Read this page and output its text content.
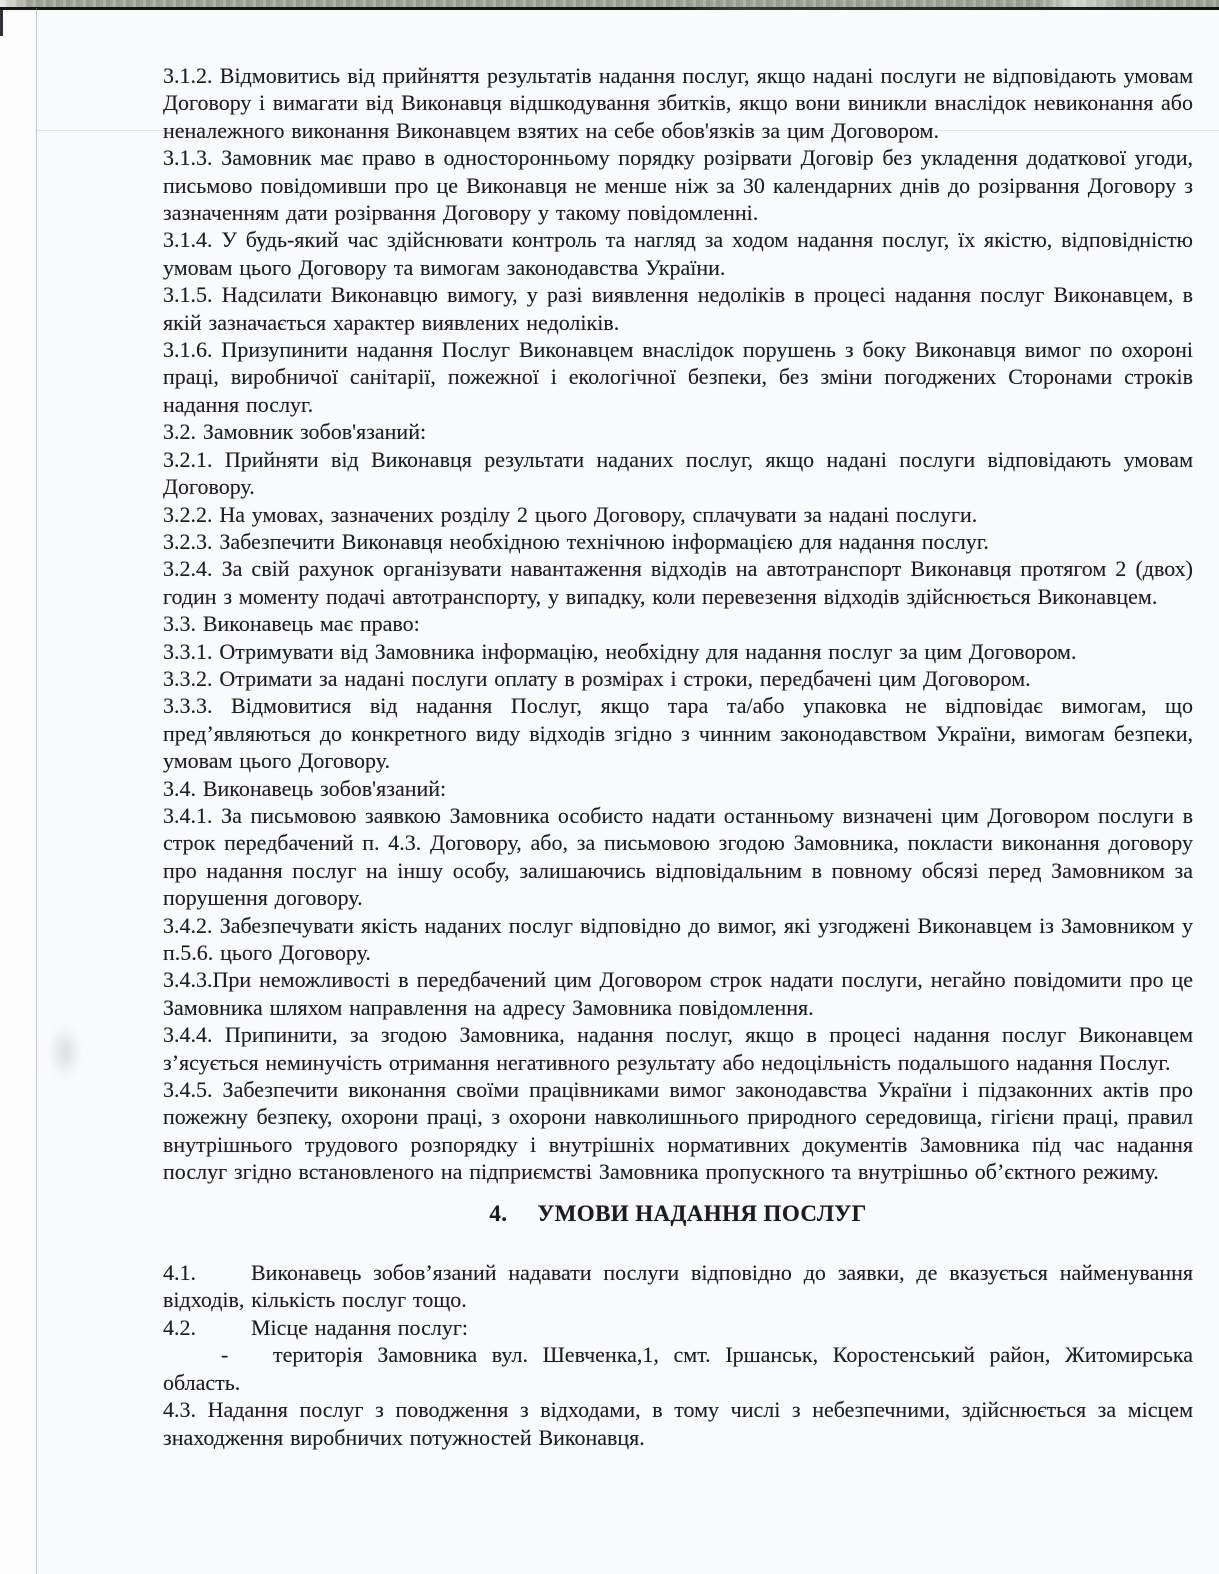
3.1.2. Відмовитись від прийняття результатів надання послуг, якщо надані послуги не відповідають умовам Договору і вимагати від Виконавця відшкодування збитків, якщо вони виникли внаслідок невиконання або неналежного виконання Виконавцем взятих на себе обов'язків за цим Договором.

3.1.3. Замовник має право в односторонньому порядку розірвати Договір без укладення додаткової угоди, письмово повідомивши про це Виконавця не менше ніж за 30 календарних днів до розірвання Договору з зазначенням дати розірвання Договору у такому повідомленні.

3.1.4. У будь-який час здійснювати контроль та нагляд за ходом надання послуг, їх якістю, відповідністю умовам цього Договору та вимогам законодавства України.

3.1.5. Надсилати Виконавцю вимогу, у разі виявлення недоліків в процесі надання послуг Виконавцем, в якій зазначається характер виявлених недоліків.

3.1.6. Призупинити надання Послуг Виконавцем внаслідок порушень з боку Виконавця вимог по охороні праці, виробничої санітарії, пожежної і екологічної безпеки, без зміни погоджених Сторонами строків надання послуг.

3.2. Замовник зобов'язаний:

3.2.1. Прийняти від Виконавця результати наданих послуг, якщо надані послуги відповідають умовам Договору.

3.2.2. На умовах, зазначених розділу 2 цього Договору, сплачувати за надані послуги.

3.2.3. Забезпечити Виконавця необхідною технічною інформацією для надання послуг.

3.2.4. За свій рахунок організувати навантаження відходів на автотранспорт Виконавця протягом 2 (двох) годин з моменту подачі автотранспорту, у випадку, коли перевезення відходів здійснюється Виконавцем.

3.3. Виконавець має право:

3.3.1. Отримувати від Замовника інформацію, необхідну для надання послуг за цим Договором.

3.3.2. Отримати за надані послуги оплату в розмірах і строки, передбачені цим Договором.

3.3.3. Відмовитися від надання Послуг, якщо тара та/або упаковка не відповідає вимогам, що пред’являються до конкретного виду відходів згідно з чинним законодавством України, вимогам безпеки, умовам цього Договору.

3.4. Виконавець зобов'язаний:

3.4.1. За письмовою заявкою Замовника особисто надати останньому визначені цим Договором послуги в строк передбачений п. 4.3. Договору, або, за письмовою згодою Замовника, покласти виконання договору про надання послуг на іншу особу, залишаючись відповідальним в повному обсязі перед Замовником за порушення договору.

3.4.2. Забезпечувати якість наданих послуг відповідно до вимог, які узгоджені Виконавцем із Замовником у п.5.6. цього Договору.

3.4.3.При неможливості в передбачений цим Договором строк надати послуги, негайно повідомити про це Замовника шляхом направлення на адресу Замовника повідомлення.

3.4.4. Припинити, за згодою Замовника, надання послуг, якщо в процесі надання послуг Виконавцем з’ясується неминучість отримання негативного результату або недоцільність подальшого надання Послуг.

3.4.5. Забезпечити виконання своїми працівниками вимог законодавства України і підзаконних актів про пожежну безпеку, охорони праці, з охорони навколишнього природного середовища, гігієни праці, правил внутрішнього трудового розпорядку і внутрішніх нормативних документів Замовника під час надання послуг згідно встановленого на підприємстві Замовника пропускного та внутрішньо об’єктного режиму.

4. УМОВИ НАДАННЯ ПОСЛУГ

4.1.	Виконавець зобов’язаний надавати послуги відповідно до заявки, де вказується найменування відходів, кількість послуг тощо.

4.2.	Місце надання послуг:

- територія Замовника вул. Шевченка,1, смт. Іршанськ, Коростенський район, Житомирська область.

4.3. Надання послуг з поводження з відходами, в тому числі з небезпечними, здійснюється за місцем знаходження виробничих потужностей Виконавця.
